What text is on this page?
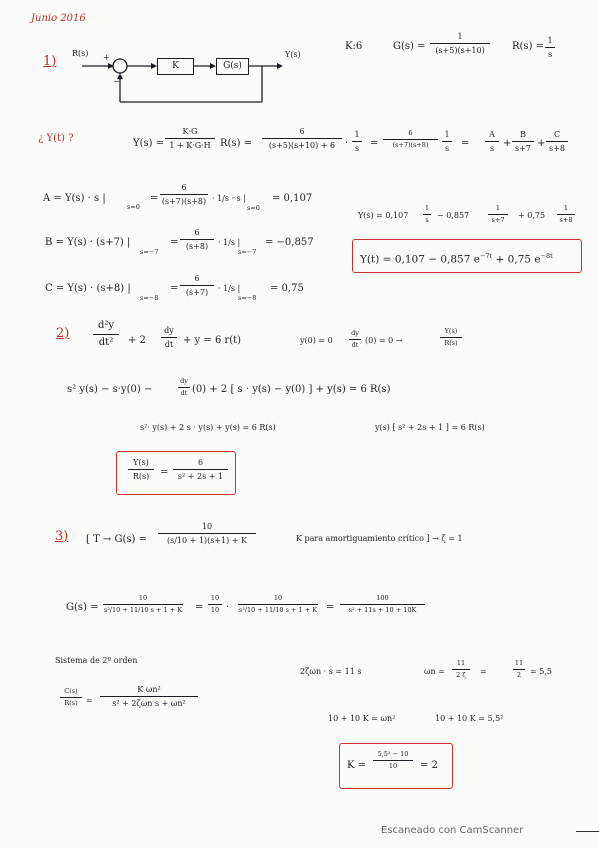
Junio 2016
1)	K	G(s)
R(s) +
−
Y(s)
K:6	G(s) =
1
(s+5)(s+10)	R(s) =
1
s
¿ Y(t) ?	Y(s) =
K·G
1 + K·G·H R(s) =
6
(s+5)(s+10) + 6 ·
1
s =
6
(s+7)(s+8)
1
s =
A
s +
B
s+7 +
C
s+8
A = Y(s) · s |
s=0
=
6
(s+7)(s+8) · 1/s · s |
s=0
= 0,107
B = Y(s) · (s+7) |
s=−7
=
6
(s+8)	· 1/s |
s=−7
= −0,857
C = Y(s) · (s+8) |
s=−8
=
6
(s+7)	· 1/s |
s=−8
= 0,75
Y(s) = 0,107
1
s
− 0,857
1
s+7
+ 0,75
1
s+8
Y(t) = 0,107 − 0,857 $e^{-7t} + 0,75$ $e^{-8t}$
2)
d²y
dt²	+ 2
dy
dt + y = 6 r(t)	y(0) = 0
dy
dt
(0) = 0 →
Y(s)
R(s)
s² y(s) − s·y(0) −
dy
dt (0) + 2 [ s · y(s) − y(0) ] + y(s) = 6 R(s)
s²· y(s) + 2 s · y(s) + y(s) = 6 R(s)	y(s) [ s² + 2s + 1 ] = 6 R(s)
Y(s)
R(s)	=
6
s² + 2s + 1
3) [ T → G(s) =
10
(s/10 + 1)(s+1) + K	K para amortiguamiento crítico ] → ζ = 1
G(s) =
10
s²/10 + 11/10 s + 1 + K =
10
10 ·
10
s²/10 + 11/10 s + 1 + K =
100
s² + 11s + 10 + 10K
Sistema de 2º orden
2ζωn · s = 11 s	ωn =
11
2 ζ	=
11
2	= 5,5
C(s)
R(s)	=
K ωn²
s² + 2ζωn s + ωn²
10 + 10 K = ωn²	10 + 10 K = 5,5²
K =
5,5² − 10
10	= 2
Escaneado con CamScanner
